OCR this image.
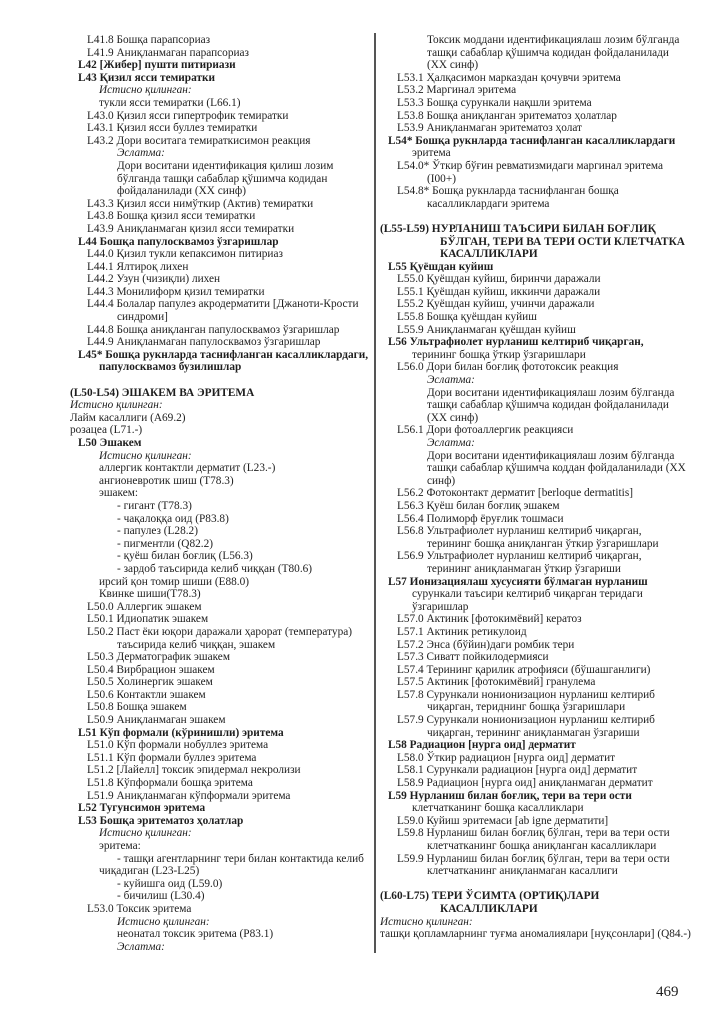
L41.8 Бошқа парапсориаз
L41.9 Аниқланмаган парапсориаз
L42 [Жибер] пушти питириази
L43 Қизил ясси темиратки
Истисно қилинган:
тукли ясси темиратки (L66.1)
L43.0 Қизил ясси гипертрофик темиратки
L43.1 Қизил ясси буллез темиратки
L43.2 Дори воситага темираткисимон реакция
Эслатма:
Дори воситани идентификация қилиш лозим
бўлганда ташқи сабаблар қўшимча кодидан
фойдаланилади (ХХ синф)
L43.3 Қизил ясси нимўткир (Актив) темиратки
L43.8 Бошқа қизил ясси темиратки
L43.9 Аниқланмаган қизил ясси темиратки
L44 Бошқа папулосквамоз ўзгаришлар
L44.0 Қизил тукли кепаксимон питириаз
L44.1 Ялтироқ лихен
L44.2 Узун (чизиқли) лихен
L44.3 Монилиформ қизил темиратки
L44.4 Болалар папулез акродерматити [Джаноти-Крости
синдроми]
L44.8 Бошқа аниқланган папулосквамоз ўзгаришлар
L44.9 Аниқланмаган папулосквамоз ўзгаришлар
L45* Бошқа рукнларда таснифланган касалликлардаги,
папулосквамоз бузилишлар
(L50-L54) ЭШАКЕМ ВА ЭРИТЕМА
Истисно қилинган:
Лайм касаллиги (A69.2)
розацеа (L71.-)
L50 Эшакем
Истисно қилинган:
аллергик контактли дерматит (L23.-)
ангионевротик шиш (T78.3)
эшакем:
- гигант (T78.3)
- чақалоққа оид (P83.8)
- папулез (L28.2)
- пигментли (Q82.2)
- қуёш билан боғлиқ (L56.3)
- зардоб таъсирида келиб чиққан (T80.6)
ирсий қон томир шиши (E88.0)
Квинке шиши(T78.3)
L50.0 Аллергик эшакем
L50.1 Идиопатик эшакем
L50.2 Паст ёки юқори даражали ҳарорат (температура)
таъсирида келиб чиққан, эшакем
L50.3 Дерматографик эшакем
L50.4 Вирбрацион эшакем
L50.5 Холинергик эшакем
L50.6 Контактли эшакем
L50.8 Бошқа эшакем
L50.9 Аниқланмаган эшакем
L51 Кўп формали (кўринишли) эритема
L51.0 Кўп формали нобуллез эритема
L51.1 Кўп формали буллез эритема
L51.2 [Лайелл] токсик эпидермал некролизи
L51.8 Кўпформали бошқа эритема
L51.9 Аниқланмаган кўпформали эритема
L52 Тугунсимон эритема
L53 Бошқа эритематоз ҳолатлар
Истисно қилинган:
эритема:
- ташқи агентларнинг тери билан контактида келиб
чиқадиган (L23-L25)
- куйишга оид (L59.0)
- бичилиш (L30.4)
L53.0 Токсик эритема
Истисно қилинган:
неонатал токсик эритема (P83.1)
Эслатма:
Токсик моддани идентификациялаш лозим бўлганда
ташқи сабаблар қўшимча кодидан фойдаланилади
(ХХ синф)
L53.1 Ҳалқасимон марказдан қочувчи эритема
L53.2 Маргинал эритема
L53.3 Бошқа сурункали нақшли эритема
L53.8 Бошқа аниқланган эритематоз ҳолатлар
L53.9 Аниқланмаган эритематоз ҳолат
L54* Бошқа рукнларда таснифланган касалликлардаги
эритема
L54.0* Ўткир бўғин ревматизмидаги маргинал эритема
(I00+)
L54.8* Бошқа рукнларда таснифланган бошқа
касалликлардаги эритема
(L55-L59) НУРЛАНИШ ТАЪСИРИ БИЛАН БОҒЛИҚ
БЎЛГАН, ТЕРИ ВА ТЕРИ ОСТИ КЛЕТЧАТКА
КАСАЛЛИКЛАРИ
L55 Қуёшдан куйиш
L55.0 Қуёшдан куйиш, биринчи даражали
L55.1 Қуёшдан куйиш, иккинчи даражали
L55.2 Қуёшдан куйиш, учинчи даражали
L55.8 Бошқа қуёшдан куйиш
L55.9 Аниқланмаган қуёшдан куйиш
L56 Ультрафиолет нурланиш келтириб чиқарган,
терининг бошқа ўткир ўзгаришлари
L56.0 Дори билан боғлиқ фототоксик реакция
Эслатма:
Дори воситани идентификациялаш лозим бўлганда
ташқи сабаблар қўшимча кодидан фойдаланилади
(ХХ синф)
L56.1 Дори фотоаллергик реакцияси
Эслатма:
Дори воситани идентификациялаш лозим бўлганда
ташқи сабаблар қўшимча коддан фойдаланилади (ХХ
синф)
L56.2 Фотоконтакт дерматит [berloque dermatitis]
L56.3 Қуёш билан боғлиқ эшакем
L56.4 Полиморф ёруғлик тошмаси
L56.8 Ультрафиолет нурланиш келтириб чиқарган,
терининг бошқа аниқланган ўткир ўзгаришлари
L56.9 Ультрафиолет нурланиш келтириб чиқарган,
терининг аниқланмаган ўткир ўзгариши
L57 Ионизациялаш хусусияти бўлмаган нурланиш
сурункали таъсири келтириб чиқарган теридаги
ўзгаришлар
L57.0 Актиник [фотокимёвий] кератоз
L57.1 Актиник ретикулоид
L57.2 Энса (бўйин)даги ромбик тери
L57.3 Сиватт пойкилодермияси
L57.4 Терининг қарилик атрофияси (бўшашганлиги)
L57.5 Актиник [фотокимёвий] гранулема
L57.8 Сурункали нонионизацион нурланиш келтириб
чиқарган, териднинг бошқа ўзгаришлари
L57.9 Сурункали нонионизацион нурланиш келтириб
чиқарган, терининг аниқланмаган ўзгариши
L58 Радиацион [нурга оид] дерматит
L58.0 Ўткир радиацион [нурга оид] дерматит
L58.1 Сурункали радиацион [нурга оид] дерматит
L58.9 Радиацион [нурга оид] аниқланмаган дерматит
L59 Нурланиш билан боғлиқ, тери ва тери ости
клетчатканинг бошқа касалликлари
L59.0 Куйиш эритемаси [ab igne дерматити]
L59.8 Нурланиш билан боғлиқ бўлган, тери ва тери ости
клетчатканинг бошқа аниқланган касалликлари
L59.9 Нурланиш билан боғлиқ бўлган, тери ва тери ости
клетчатканинг аниқланмаган касаллиги
(L60-L75) ТЕРИ ЎСИМТА (ОРТИҚ)ЛАРИ
КАСАЛЛИКЛАРИ
Истисно қилинган:
ташқи қопламларнинг туғма аномалиялари [нуқсонлари] (Q84.-)
469
